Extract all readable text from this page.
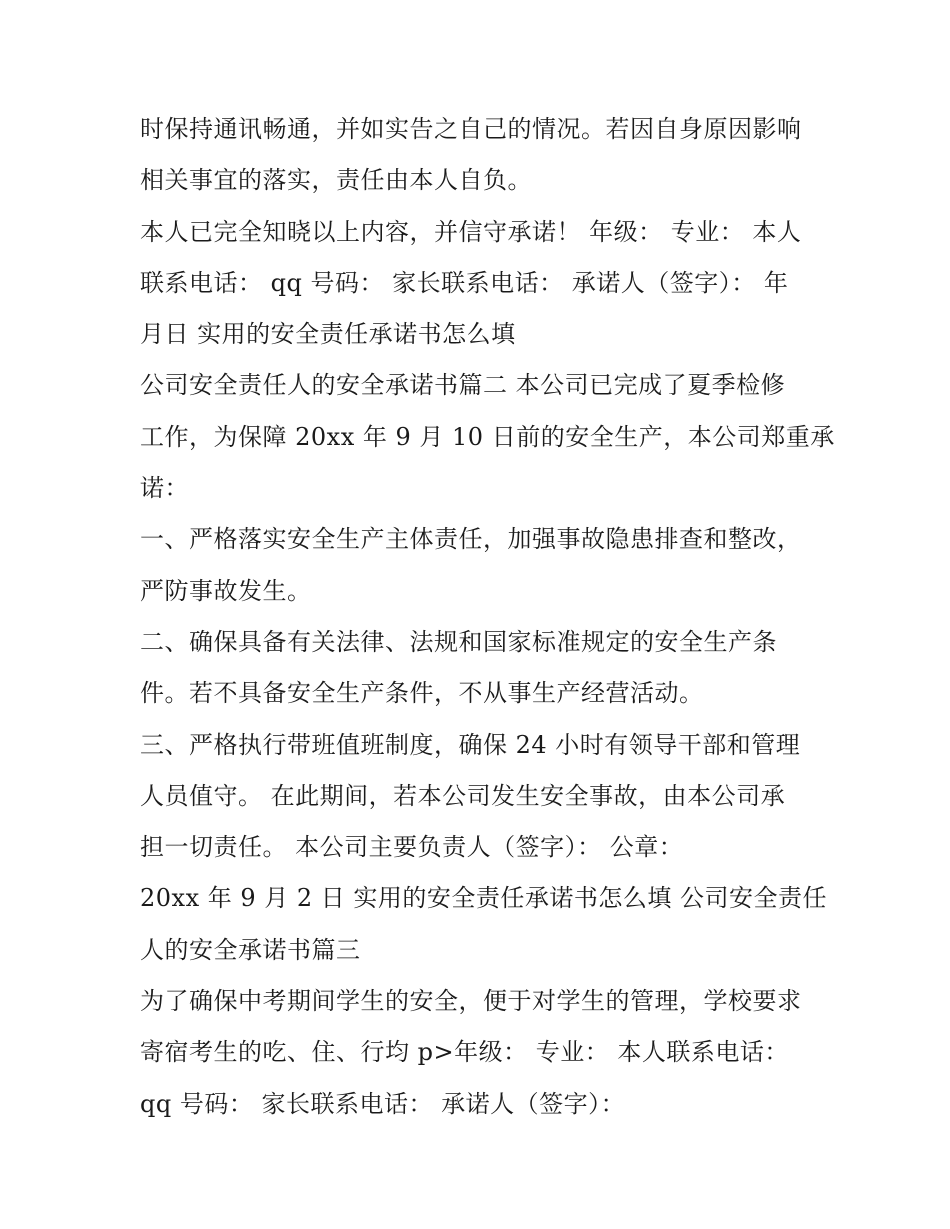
时保持通讯畅通，并如实告之自己的情况。若因自身原因影响
相关事宜的落实，责任由本人自负。
本人已完全知晓以上内容，并信守承诺！ 年级： 专业： 本人
联系电话： qq 号码： 家长联系电话： 承诺人（签字）： 年
月日 实用的安全责任承诺书怎么填
公司安全责任人的安全承诺书篇二 本公司已完成了夏季检修
工作，为保障 20xx 年 9 月 10 日前的安全生产，本公司郑重承
诺：
一、严格落实安全生产主体责任，加强事故隐患排查和整改，
严防事故发生。
二、确保具备有关法律、法规和国家标准规定的安全生产条
件。若不具备安全生产条件，不从事生产经营活动。
三、严格执行带班值班制度，确保 24 小时有领导干部和管理
人员值守。 在此期间，若本公司发生安全事故，由本公司承
担一切责任。 本公司主要负责人（签字）： 公章：
20xx 年 9 月 2 日 实用的安全责任承诺书怎么填 公司安全责任
人的安全承诺书篇三
为了确保中考期间学生的安全，便于对学生的管理，学校要求
寄宿考生的吃、住、行均 p>年级： 专业： 本人联系电话：
qq 号码： 家长联系电话： 承诺人（签字）：
